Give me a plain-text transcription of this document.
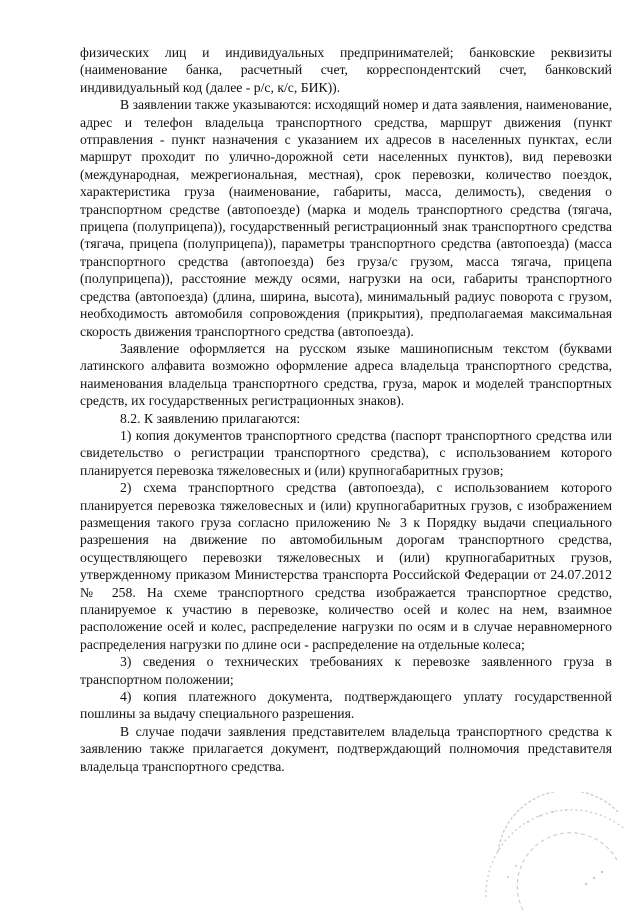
физических лиц и индивидуальных предпринимателей; банковские реквизиты (наименование банка, расчетный счет, корреспондентский счет, банковский индивидуальный код (далее - р/с, к/с, БИК)).

В заявлении также указываются: исходящий номер и дата заявления, наименование, адрес и телефон владельца транспортного средства, маршрут движения (пункт отправления - пункт назначения с указанием их адресов в населенных пунктах, если маршрут проходит по улично-дорожной сети населенных пунктов), вид перевозки (международная, межрегиональная, местная), срок перевозки, количество поездок, характеристика груза (наименование, габариты, масса, делимость), сведения о транспортном средстве (автопоезде) (марка и модель транспортного средства (тягача, прицепа (полуприцепа)), государственный регистрационный знак транспортного средства (тягача, прицепа (полуприцепа)), параметры транспортного средства (автопоезда) (масса транспортного средства (автопоезда) без груза/с грузом, масса тягача, прицепа (полуприцепа)), расстояние между осями, нагрузки на оси, габариты транспортного средства (автопоезда) (длина, ширина, высота), минимальный радиус поворота с грузом, необходимость автомобиля сопровождения (прикрытия), предполагаемая максимальная скорость движения транспортного средства (автопоезда).

Заявление оформляется на русском языке машинописным текстом (буквами латинского алфавита возможно оформление адреса владельца транспортного средства, наименования владельца транспортного средства, груза, марок и моделей транспортных средств, их государственных регистрационных знаков).

8.2. К заявлению прилагаются:

1) копия документов транспортного средства (паспорт транспортного средства или свидетельство о регистрации транспортного средства), с использованием которого планируется перевозка тяжеловесных и (или) крупногабаритных грузов;

2) схема транспортного средства (автопоезда), с использованием которого планируется перевозка тяжеловесных и (или) крупногабаритных грузов, с изображением размещения такого груза согласно приложению № 3 к Порядку выдачи специального разрешения на движение по автомобильным дорогам транспортного средства, осуществляющего перевозки тяжеловесных и (или) крупногабаритных грузов, утвержденному приказом Министерства транспорта Российской Федерации от 24.07.2012 № 258. На схеме транспортного средства изображается транспортное средство, планируемое к участию в перевозке, количество осей и колес на нем, взаимное расположение осей и колес, распределение нагрузки по осям и в случае неравномерного распределения нагрузки по длине оси - распределение на отдельные колеса;

3) сведения о технических требованиях к перевозке заявленного груза в транспортном положении;

4) копия платежного документа, подтверждающего уплату государственной пошлины за выдачу специального разрешения.

В случае подачи заявления представителем владельца транспортного средства к заявлению также прилагается документ, подтверждающий полномочия представителя владельца транспортного средства.
